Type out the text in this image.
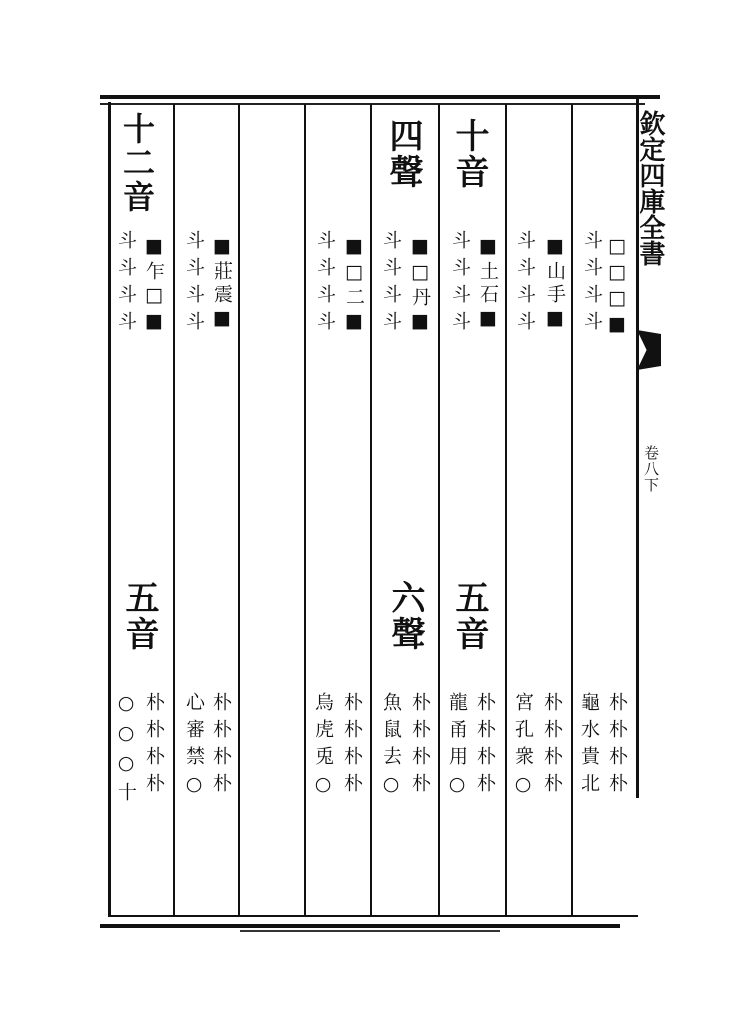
欽定四庫全書
卷八下
□□□■
斗斗斗斗
朴朴朴朴
龜水貴北
■山手■
斗斗斗斗
朴朴朴朴
宮孔衆○
十音
■土石■
斗斗斗斗
五音
朴朴朴朴
龍甬用○
四聲
■□丹■
斗斗斗斗
六聲
朴朴朴朴
魚鼠去○
■□二■
斗斗斗斗
朴朴朴朴
烏虎兎○
■莊震■
斗斗斗斗
朴朴朴朴
心審禁○
十二音
■乍□■
斗斗斗斗
五音
朴朴朴朴
○○○十
